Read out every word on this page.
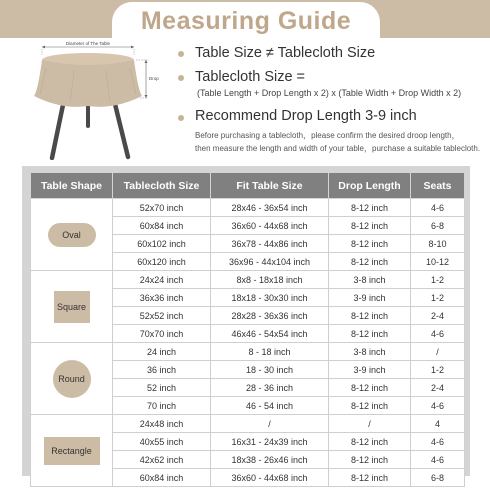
Measuring Guide
Diameter of The Table
Drop
Table Size ≠ Tablecloth Size
Tablecloth Size =
(Table Length + Drop Length x 2) x (Table Width + Drop Width x 2)
Recommend Drop Length 3-9 inch
Before purchasing a tablecloth，please confirm the desired droop length，
then measure the length and width of your table，purchase a suitable tablecloth.
Table Shape	Tablecloth Size	Fit Table Size	Drop Length	Seats
Oval	52x70 inch	28x46 - 36x54 inch	8-12 inch	4-6
	60x84 inch	36x60 - 44x68 inch	8-12 inch	6-8
	60x102 inch	36x78 - 44x86 inch	8-12 inch	8-10
	60x120 inch	36x96 - 44x104 inch	8-12 inch	10-12
Square	24x24 inch	8x8 - 18x18 inch	3-8 inch	1-2
	36x36 inch	18x18 - 30x30 inch	3-9 inch	1-2
	52x52 inch	28x28 - 36x36 inch	8-12 inch	2-4
	70x70 inch	46x46 - 54x54 inch	8-12 inch	4-6
Round	24 inch	8 - 18 inch	3-8 inch	/
	36 inch	18 - 30 inch	3-9 inch	1-2
	52 inch	28 - 36 inch	8-12 inch	2-4
	70 inch	46 - 54 inch	8-12 inch	4-6
Rectangle	24x48 inch	/	/	4
	40x55 inch	16x31 - 24x39 inch	8-12 inch	4-6
	42x62 inch	18x38 - 26x46 inch	8-12 inch	4-6
	60x84 inch	36x60 - 44x68 inch	8-12 inch	6-8
